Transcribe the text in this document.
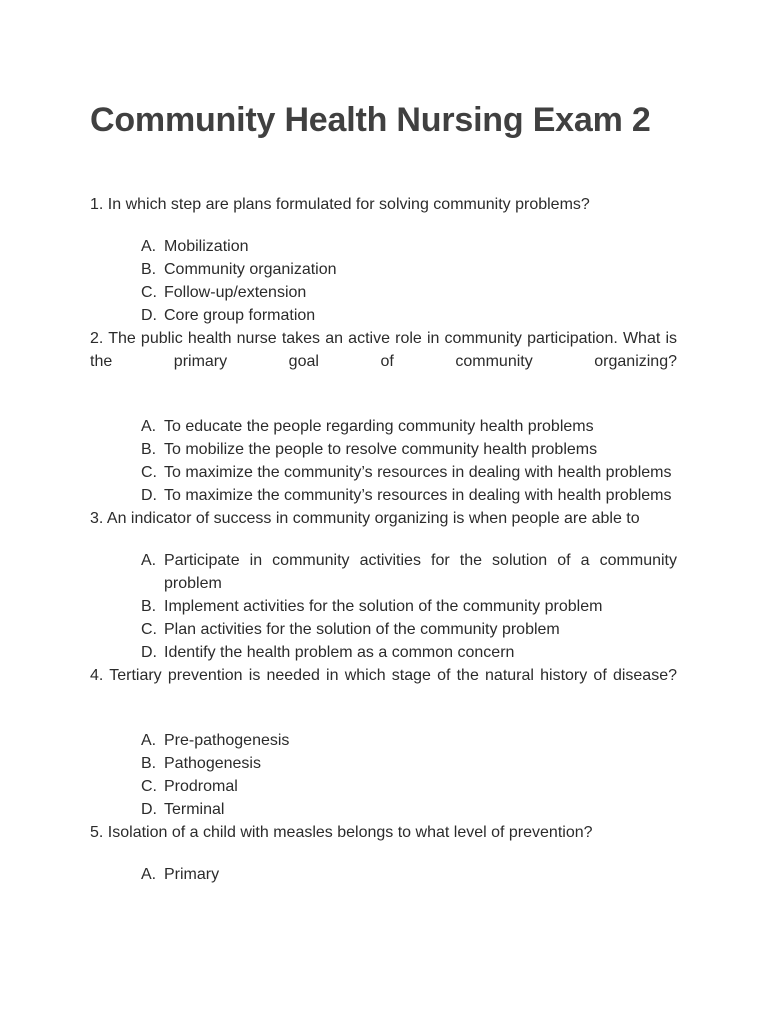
Community Health Nursing Exam 2

1. In which step are plans formulated for solving community problems?

A. Mobilization
B. Community organization
C. Follow-up/extension
D. Core group formation

2. The public health nurse takes an active role in community participation. What is the primary goal of community organizing?

A. To educate the people regarding community health problems
B. To mobilize the people to resolve community health problems
C. To maximize the community’s resources in dealing with health problems
D. To maximize the community’s resources in dealing with health problems

3. An indicator of success in community organizing is when people are able to

A. Participate in community activities for the solution of a community problem
B. Implement activities for the solution of the community problem
C. Plan activities for the solution of the community problem
D. Identify the health problem as a common concern

4. Tertiary prevention is needed in which stage of the natural history of disease?

A. Pre-pathogenesis
B. Pathogenesis
C. Prodromal
D. Terminal

5. Isolation of a child with measles belongs to what level of prevention?

A. Primary
